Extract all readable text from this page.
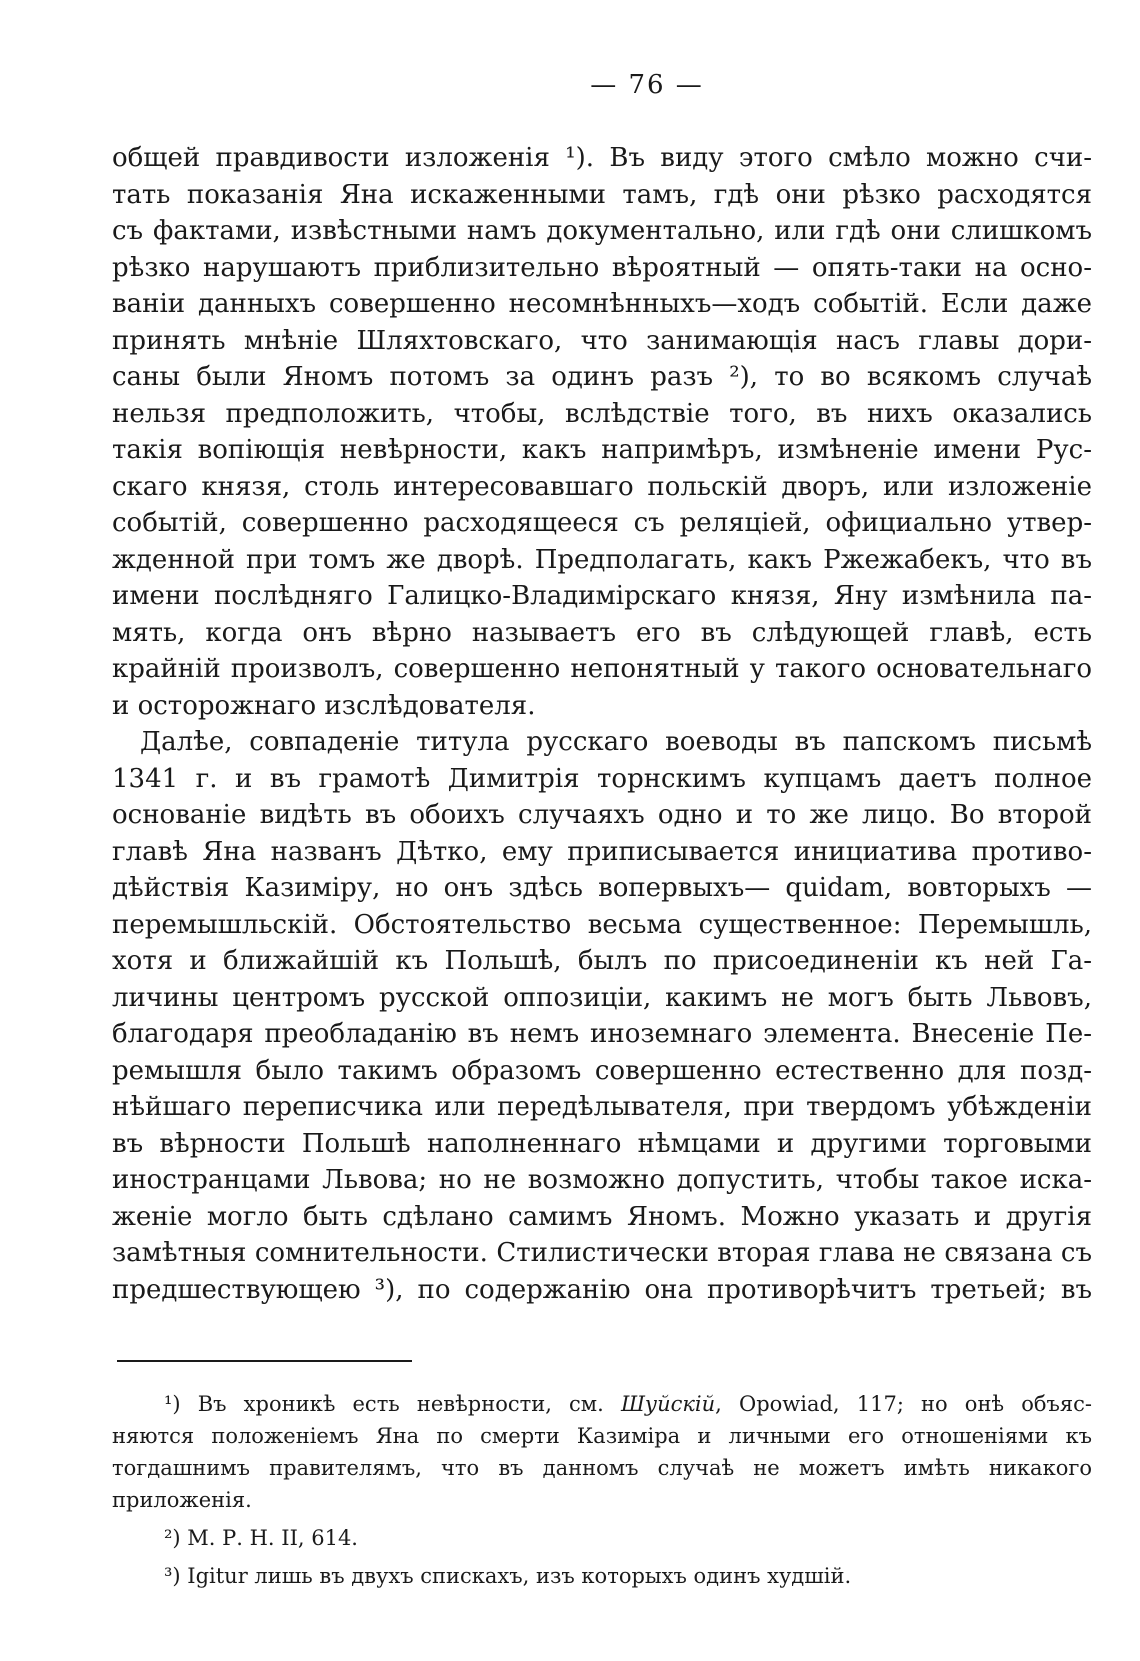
— 76 —
общей правдивости изложенія ¹). Въ виду этого смѣло можно счи-
тать показанія Яна искаженными тамъ, гдѣ они рѣзко расходятся
съ фактами, извѣстными намъ документально, или гдѣ они слишкомъ
рѣзко нарушаютъ приблизительно вѣроятный — опять-таки на осно-
ваніи данныхъ совершенно несомнѣнныхъ—ходъ событій. Если даже
принять мнѣніе Шляхтовскаго, что занимающія насъ главы дopи-
саны были Яномъ потомъ за одинъ разъ ²), то во всякомъ случаѣ
нельзя предположить, чтобы, вслѣдствіе того, въ нихъ оказались
такія вопіющія невѣрности, какъ напримѣръ, измѣненіе имени Рус-
скаго князя, столь интересовавшаго польскій дворъ, или изложеніе
событій, совершенно расходящееся съ реляціей, официально утвер-
жденной при томъ же дворѣ. Предполагать, какъ Ржежабекъ, что въ
имени послѣдняго Галицко-Владимірскаго князя, Яну измѣнила па-
мять, когда онъ вѣрно называетъ его въ слѣдующей главѣ, есть
крайній произволъ, совершенно непонятный у такого основательнаго
и осторожнаго изслѣдователя.
Далѣе, совпаденіе титула русскаго воеводы въ папскомъ письмѣ
1341 г. и въ грамотѣ Димитрія торнскимъ купцамъ даетъ полное
основаніе видѣть въ обоихъ случаяхъ одно и то же лицо. Во второй
главѣ Яна названъ Дѣтко, ему приписывается инициатива противо-
дѣйствія Казиміру, но онъ здѣсь вопервыхъ— quidam, вовторыхъ —
перемышльскій. Обстоятельство весьма существенное: Перемышль,
хотя и ближайшій къ Польшѣ, былъ по присоединеніи къ ней Га-
личины центромъ русской оппозиціи, какимъ не могъ быть Львовъ,
благодаря преобладанію въ немъ иноземнаго элемента. Внесеніе Пе-
ремышля было такимъ образомъ совершенно естественно для позд-
нѣйшаго переписчика или передѣлывателя, при твердомъ убѣжденіи
въ вѣрности Польшѣ наполненнаго нѣмцами и другими торговыми
иностранцами Львова; но не возможно допустить, чтобы такое иска-
женіе могло быть сдѣлано самимъ Яномъ. Можно указать и другія
замѣтныя сомнительности. Стилистически вторая глава не связана съ
предшествующею ³), по содержанію она противорѣчитъ третьей; въ
¹) Въ хроникѣ есть невѣрности, см. Шуйскій, Opowiad, 117; но онѣ объяс-
няются положеніемъ Яна по смерти Казиміра и личными его отношеніями къ
тогдашнимъ правителямъ, что въ данномъ случаѣ не можетъ имѣть никакого
приложенія.
²) М. Р. Н. II, 614.
³) Igitur лишь въ двухъ спискахъ, изъ которыхъ одинъ худшій.
